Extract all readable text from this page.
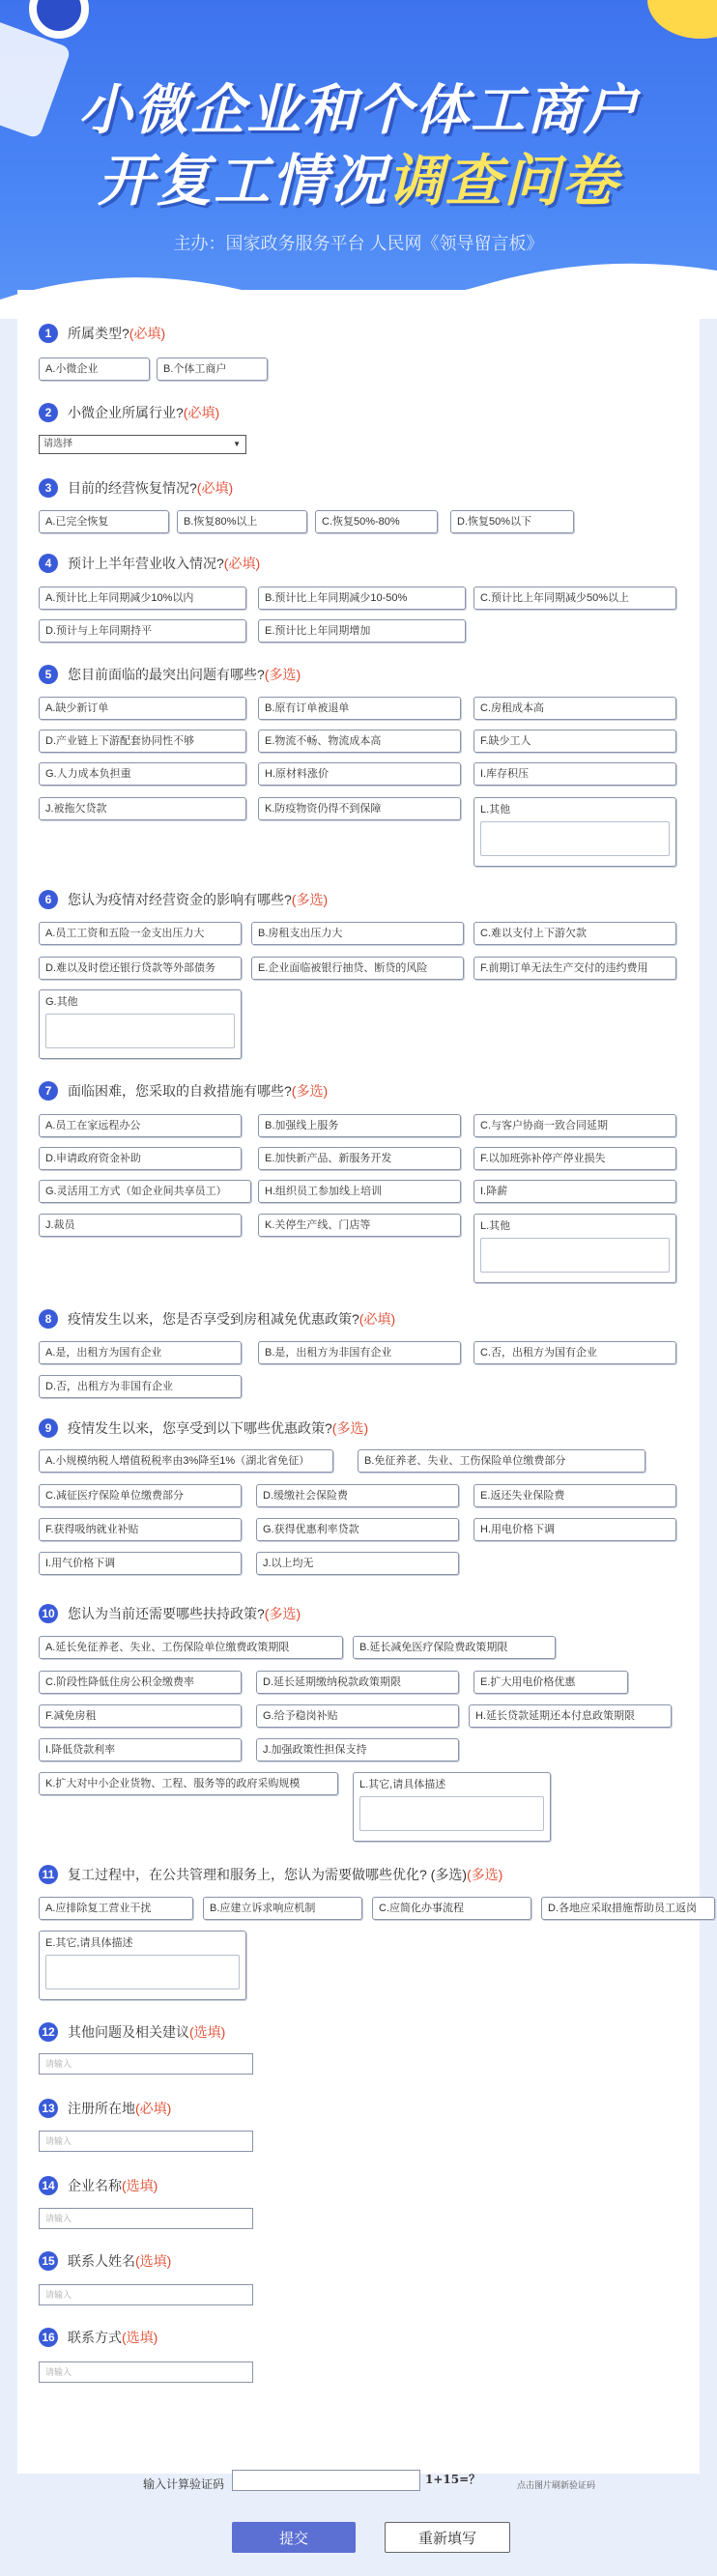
小微企业和个体工商户
开复工情况调查问卷
主办：国家政务服务平台 人民网《领导留言板》
1	所属类型? (必填)
A.小微企业	B.个体工商户
2	小微企业所属行业? (必填)
请选择	▼
3	目前的经营恢复情况? (必填)
A.已完全恢复	B.恢复80%以上	C.恢复50%-80%	D.恢复50%以下
4	预计上半年营业收入情况? (必填)
A.预计比上年同期减少10%以内	B.预计比上年同期减少10-50%	C.预计比上年同期减少50%以上
D.预计与上年同期持平	E.预计比上年同期增加
5	您目前面临的最突出问题有哪些? (多选)
A.缺少新订单	B.原有订单被退单	C.房租成本高
D.产业链上下游配套协同性不够	E.物流不畅、物流成本高	F.缺少工人
G.人力成本负担重	H.原材料涨价	I.库存积压
J.被拖欠贷款	K.防疫物资仍得不到保障	L.其他
6	您认为疫情对经营资金的影响有哪些? (多选)
A.员工工资和五险一金支出压力大	B.房租支出压力大	C.难以支付上下游欠款
D.难以及时偿还银行贷款等外部债务	E.企业面临被银行抽贷、断贷的风险	F.前期订单无法生产交付的违约费用
G.其他
7	面临困难，您采取的自救措施有哪些? (多选)
A.员工在家远程办公	B.加强线上服务	C.与客户协商一致合同延期
D.申请政府资金补助	E.加快新产品、新服务开发	F.以加班弥补停产停业损失
G.灵活用工方式（如企业间共享员工）	H.组织员工参加线上培训	I.降薪
J.裁员	K.关停生产线、门店等	L.其他
8	疫情发生以来，您是否享受到房租减免优惠政策? (必填)
A.是，出租方为国有企业	B.是，出租方为非国有企业	C.否，出租方为国有企业
D.否，出租方为非国有企业
9	疫情发生以来，您享受到以下哪些优惠政策? (多选)
A.小规模纳税人增值税税率由3%降至1%（湖北省免征）	B.免征养老、失业、工伤保险单位缴费部分
C.减征医疗保险单位缴费部分	D.缓缴社会保险费	E.返还失业保险费
F.获得吸纳就业补贴	G.获得优惠利率贷款	H.用电价格下调
I.用气价格下调	J.以上均无
10 您认为当前还需要哪些扶持政策? (多选)
A.延长免征养老、失业、工伤保险单位缴费政策期限	B.延长减免医疗保险费政策期限
C.阶段性降低住房公积金缴费率	D.延长延期缴纳税款政策期限	E.扩大用电价格优惠
F.减免房租	G.给予稳岗补贴	H.延长贷款延期还本付息政策期限
I.降低贷款利率	J.加强政策性担保支持
K.扩大对中小企业货物、工程、服务等的政府采购规模	L.其它,请具体描述
11 复工过程中，在公共管理和服务上，您认为需要做哪些优化? (多选) (多选)
A.应排除复工营业干扰	B.应建立诉求响应机制	C.应简化办事流程	D.各地应采取措施帮助员工返岗
E.其它,请具体描述
12 其他问题及相关建议 (选填)
请输入
13 注册所在地 (必填)
请输入
14 企业名称 (选填)
请输入
15 联系人姓名 (选填)
请输入
16 联系方式 (选填)
请输入
输入计算验证码	1+15=？	点击图片刷新验证码
提交	重新填写
